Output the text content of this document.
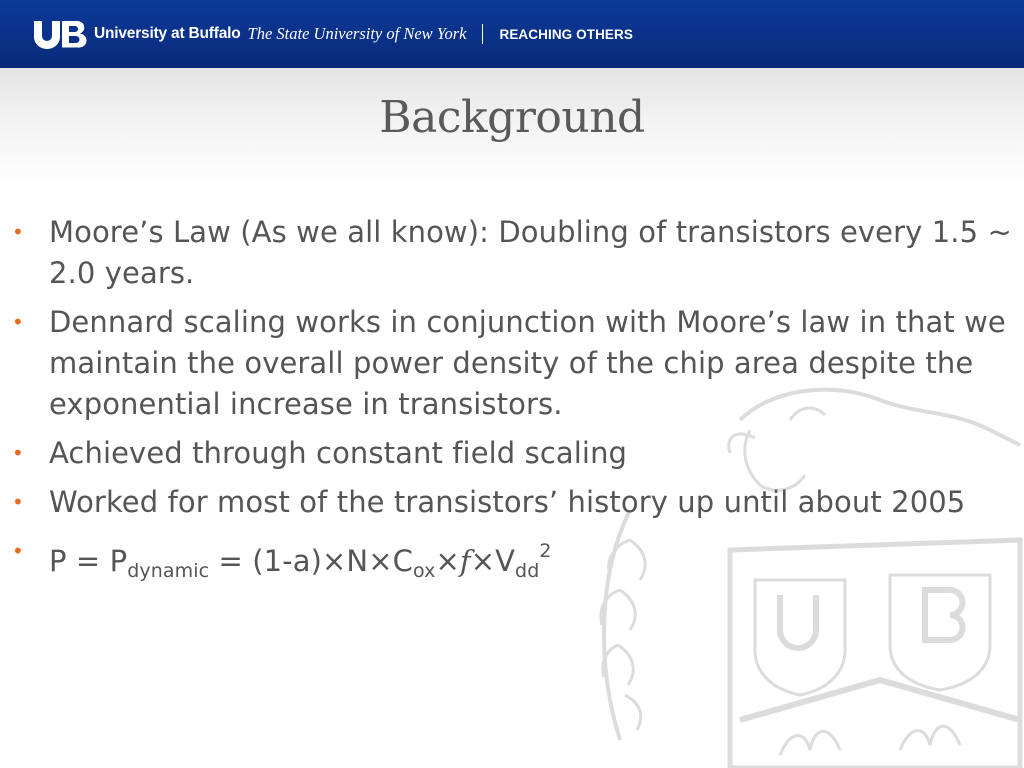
University at Buffalo The State University of New York REACHING OTHERS
Background
• Moore’s Law (As we all know): Doubling of transistors every 1.5 ~ 2.0 years.
• Dennard scaling works in conjunction with Moore’s law in that we maintain the overall power density of the chip area despite the exponential increase in transistors.
• Achieved through constant field scaling
• Worked for most of the transistors’ history up until about 2005
• $P = P_{dynamic} = (1-a)\times N\times C_{ox}\times f\times V_{dd}^2$
